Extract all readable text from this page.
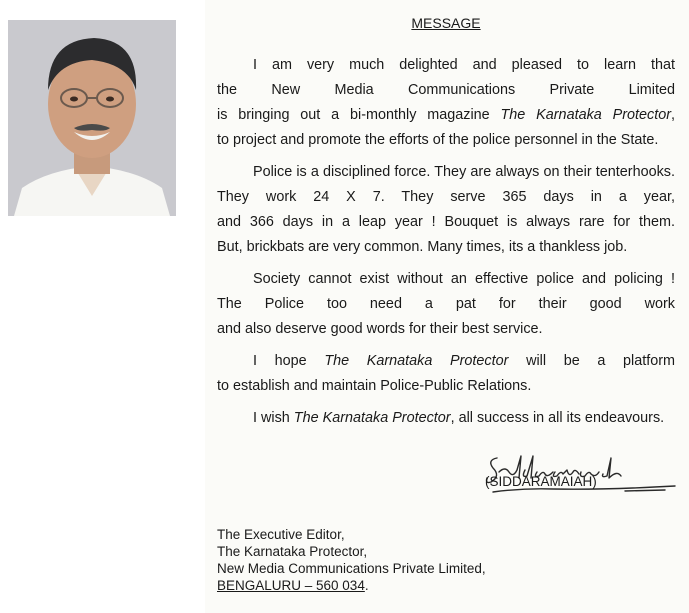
MESSAGE
I am very much delighted and pleased to learn that
the New Media Communications Private Limited
is bringing out a bi-monthly magazine The Karnataka Protector,
to project and promote the efforts of the police personnel in the State.
Police is a disciplined force. They are always on their tenterhooks.
They work 24 X 7. They serve 365 days in a year,
and 366 days in a leap year ! Bouquet is always rare for them.
But, brickbats are very common. Many times, its a thankless job.
Society cannot exist without an effective police and policing !
The Police too need a pat for their good work
and also deserve good words for their best service.
I hope The Karnataka Protector will be a platform
to establish and maintain Police-Public Relations.
I wish The Karnataka Protector, all success in all its endeavours.
(SIDDARAMAIAH)
The Executive Editor,
The Karnataka Protector,
New Media Communications Private Limited,
BENGALURU – 560 034.
